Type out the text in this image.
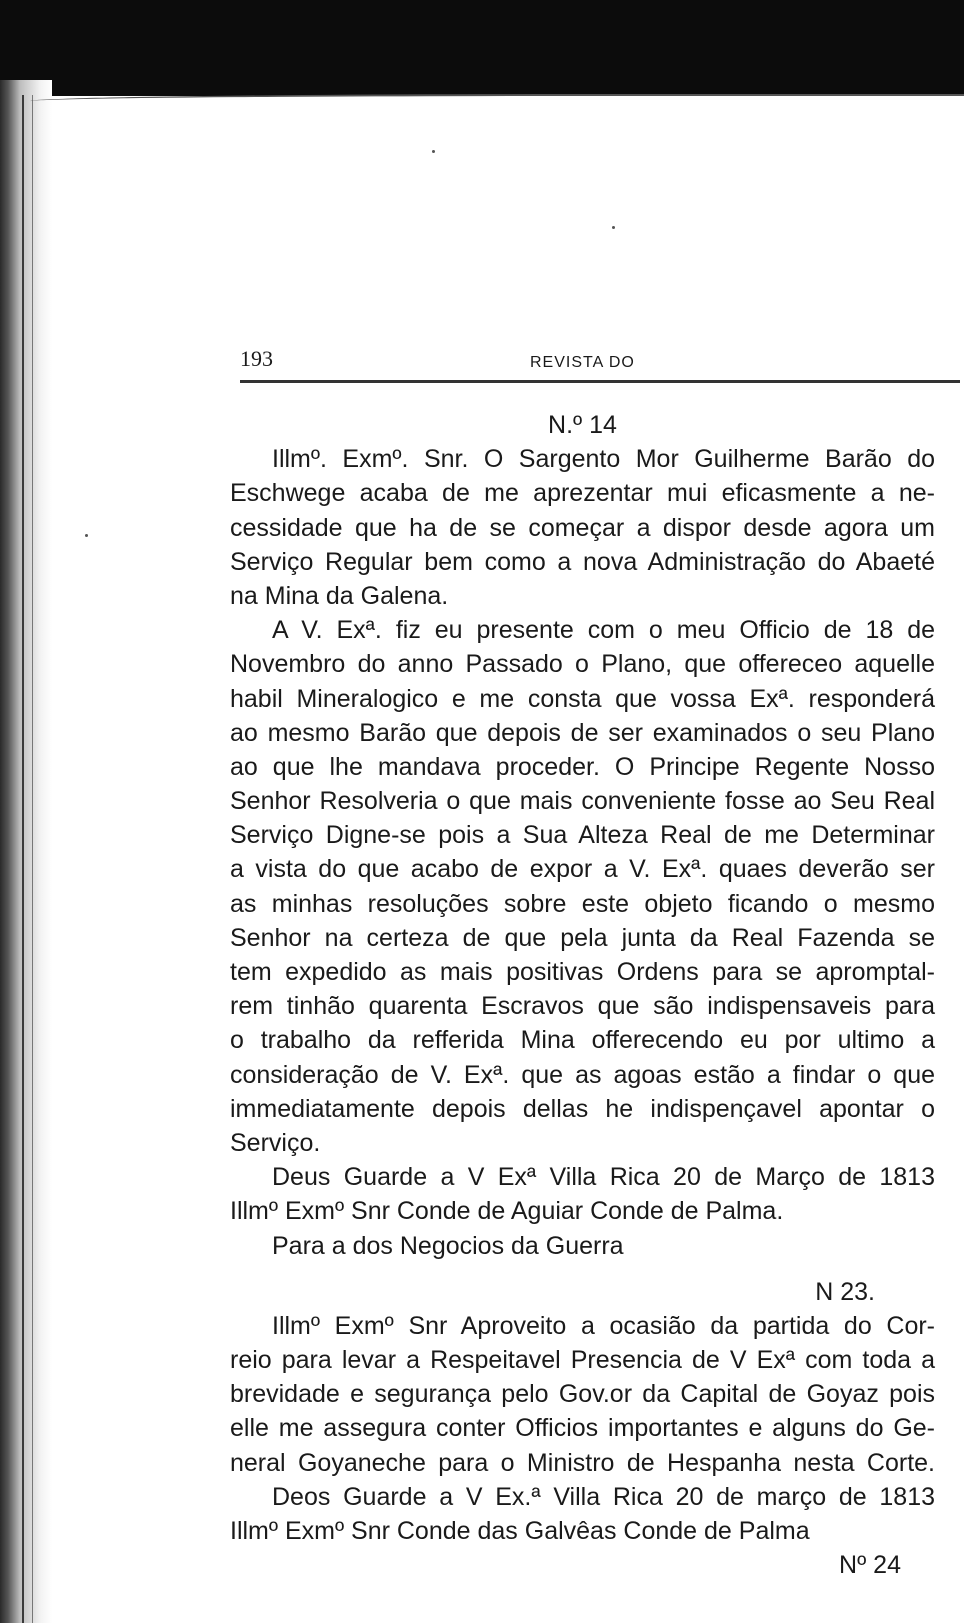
193	REVISTA DO
N.º 14
Illmº. Exmº. Snr. O Sargento Mor Guilherme Barão do
Eschwege acaba de me aprezentar mui eficasmente a ne-
cessidade que ha de se começar a dispor desde agora um
Serviço Regular bem como a nova Administração do Abaeté
na Mina da Galena.
A V. Exª. fiz eu presente com o meu Officio de 18 de
Novembro do anno Passado o Plano, que offereceo aquelle
habil Mineralogico e me consta que vossa Exª. responderá
ao mesmo Barão que depois de ser examinados o seu Plano
ao que lhe mandava proceder. O Principe Regente Nosso
Senhor Resolveria o que mais conveniente fosse ao Seu Real
Serviço Digne-se pois a Sua Alteza Real de me Determinar
a vista do que acabo de expor a V. Exª. quaes deverão ser
as minhas resoluções sobre este objeto ficando o mesmo
Senhor na certeza de que pela junta da Real Fazenda se
tem expedido as mais positivas Ordens para se apromptal-
rem tinhão quarenta Escravos que são indispensaveis para
o trabalho da refferida Mina offerecendo eu por ultimo a
consideração de V. Exª. que as agoas estão a findar o que
immediatamente depois dellas he indispençavel apontar o
Serviço.
Deus Guarde a V Exª Villa Rica 20 de Março de 1813
Illmº Exmº Snr Conde de Aguiar Conde de Palma.
Para a dos Negocios da Guerra
N 23.
Illmº Exmº Snr Aproveito a ocasião da partida do Cor-
reio para levar a Respeitavel Presencia de V Exª com toda a
brevidade e segurança pelo Gov.or da Capital de Goyaz pois
elle me assegura conter Officios importantes e alguns do Ge-
neral Goyaneche para o Ministro de Hespanha nesta Corte.
Deos Guarde a V Ex.ª Villa Rica 20 de março de 1813
Illmº Exmº Snr Conde das Galvêas Conde de Palma
Nº 24
